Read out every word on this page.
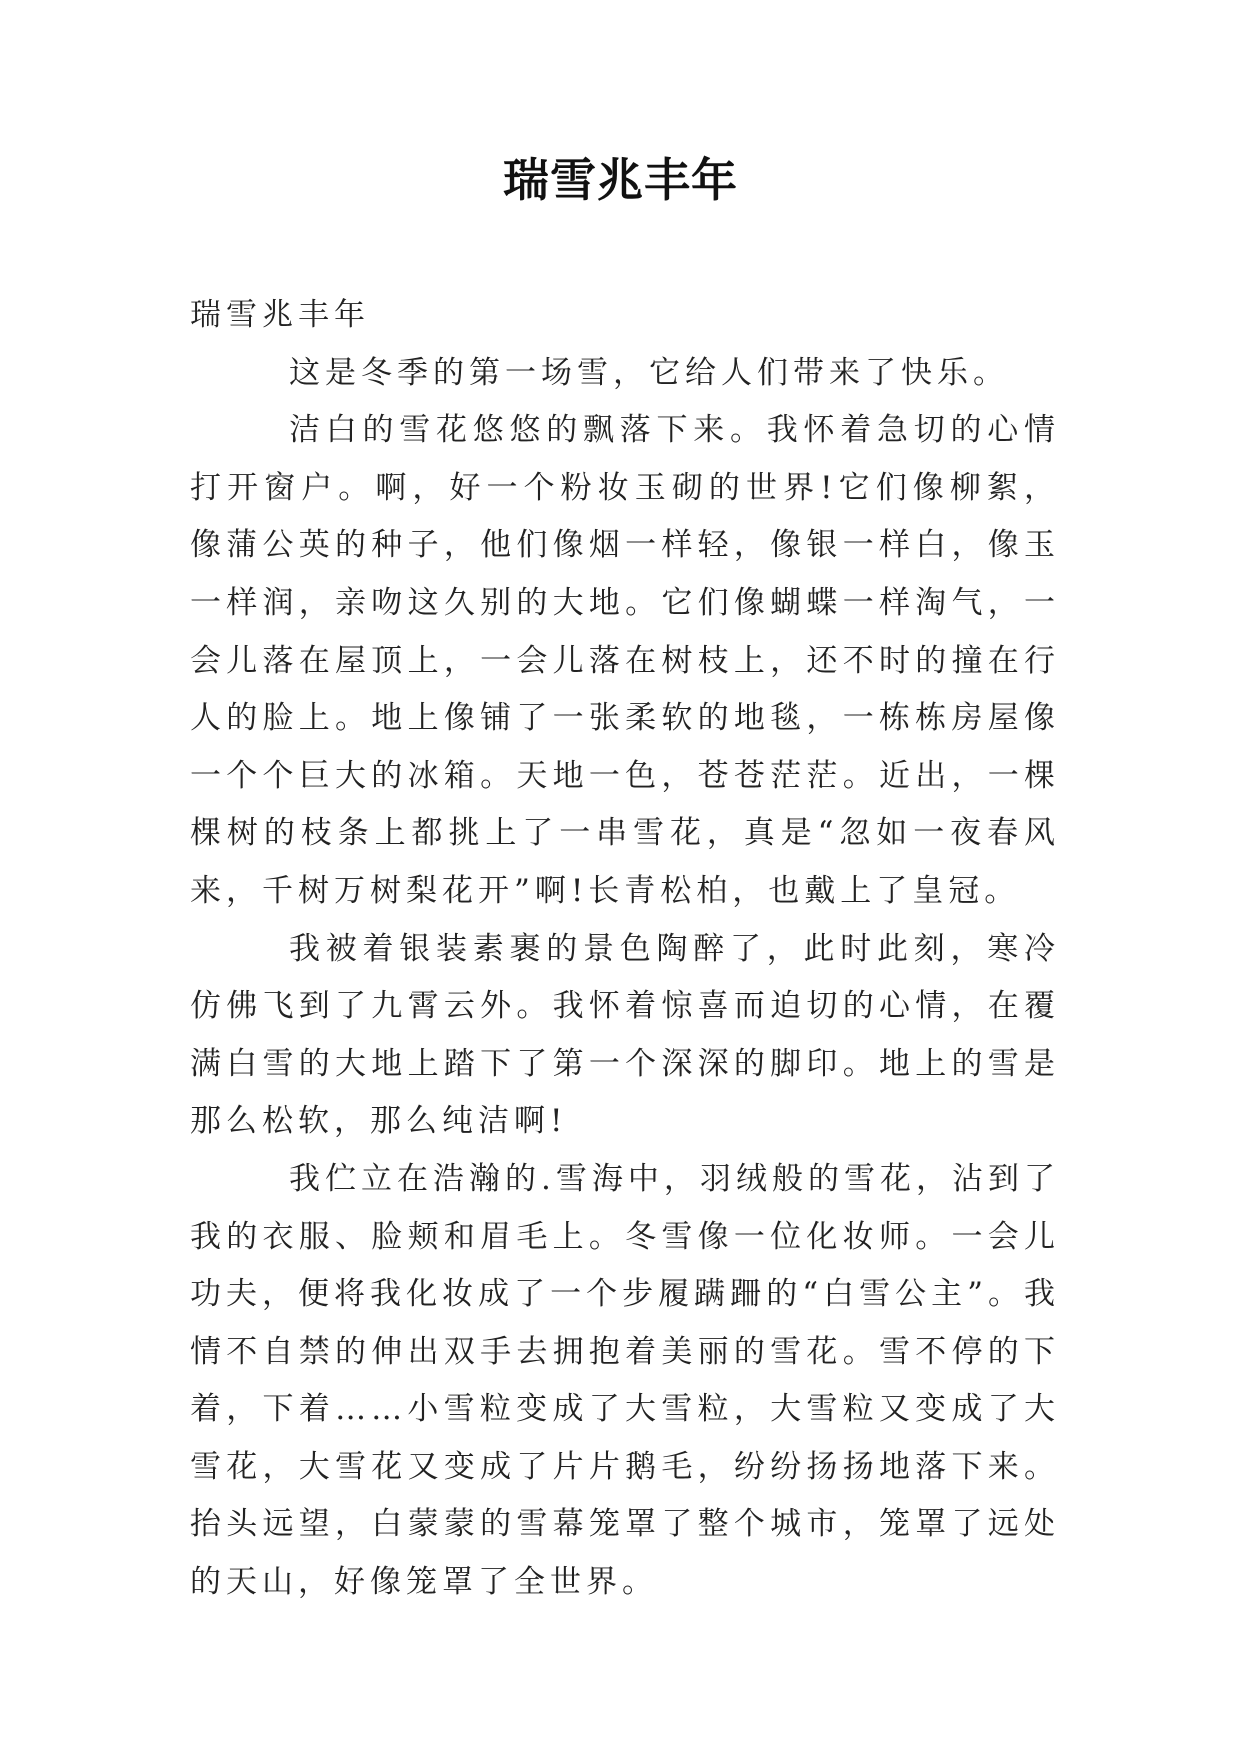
瑞雪兆丰年

瑞雪兆丰年

这是冬季的第一场雪，它给人们带来了快乐。

洁白的雪花悠悠的飘落下来。我怀着急切的心情打开窗户。啊，好一个粉妆玉砌的世界!它们像柳絮，像蒲公英的种子，他们像烟一样轻，像银一样白，像玉一样润，亲吻这久别的大地。它们像蝴蝶一样淘气，一会儿落在屋顶上，一会儿落在树枝上，还不时的撞在行人的脸上。地上像铺了一张柔软的地毯，一栋栋房屋像一个个巨大的冰箱。天地一色，苍苍茫茫。近出，一棵棵树的枝条上都挑上了一串雪花，真是“忽如一夜春风来，千树万树梨花开”啊!长青松柏，也戴上了皇冠。

我被着银装素裹的景色陶醉了，此时此刻，寒冷仿佛飞到了九霄云外。我怀着惊喜而迫切的心情，在覆满白雪的大地上踏下了第一个深深的脚印。地上的雪是那么松软，那么纯洁啊!

我伫立在浩瀚的.雪海中，羽绒般的雪花，沾到了我的衣服、脸颊和眉毛上。冬雪像一位化妆师。一会儿功夫，便将我化妆成了一个步履蹒跚的“白雪公主”。我情不自禁的伸出双手去拥抱着美丽的雪花。雪不停的下着，下着……小雪粒变成了大雪粒，大雪粒又变成了大雪花，大雪花又变成了片片鹅毛，纷纷扬扬地落下来。抬头远望，白蒙蒙的雪幕笼罩了整个城市，笼罩了远处的天山，好像笼罩了全世界。
